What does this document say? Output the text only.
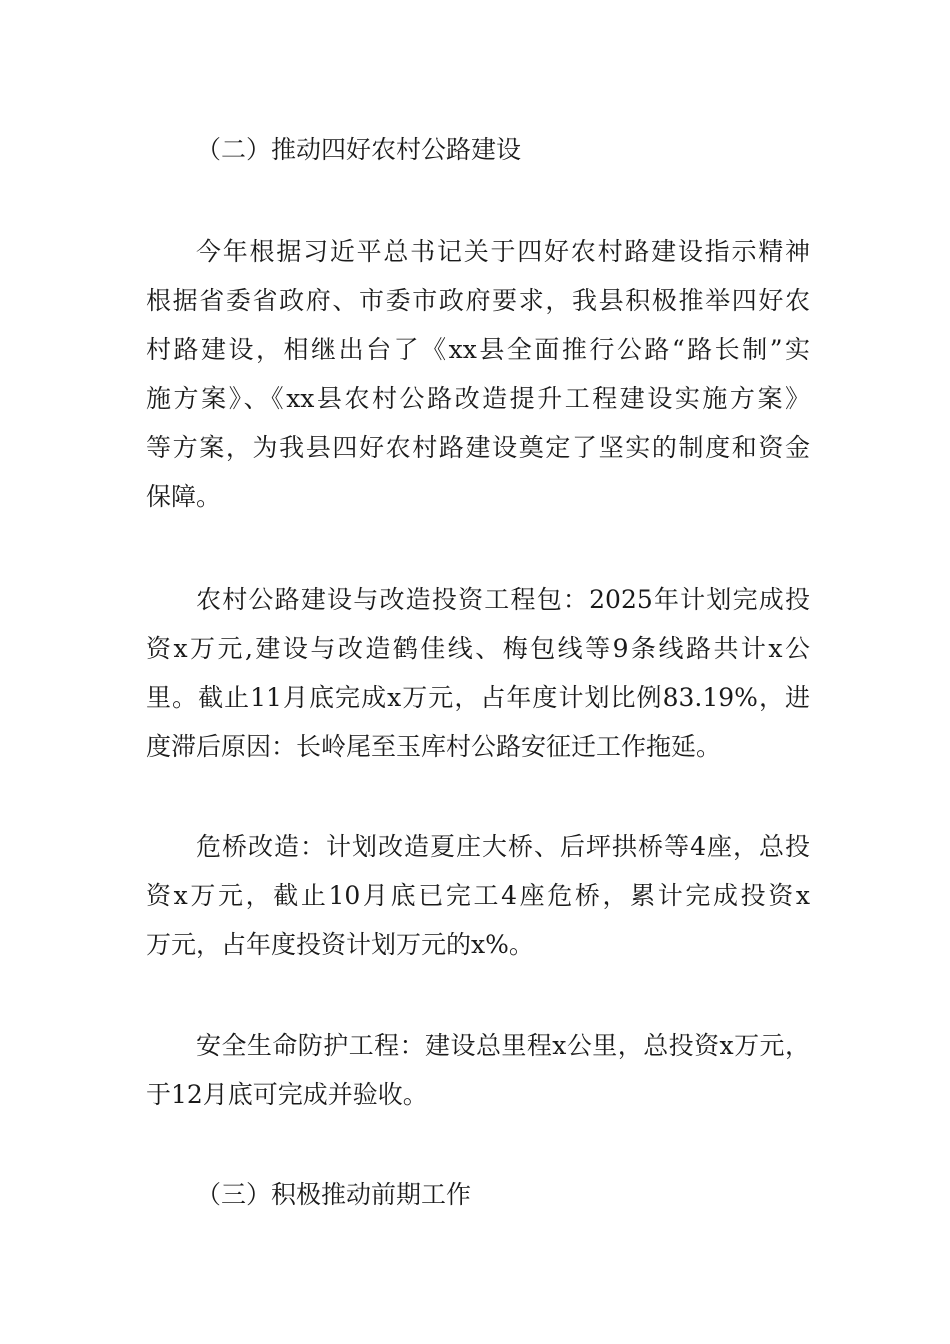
（二）推动四好农村公路建设
今年根据习近平总书记关于四好农村路建设指示精神
根据省委省政府、市委市政府要求，我县积极推举四好农
村路建设，相继出台了《xx县全面推行公路“路长制”实
施方案》、《xx县农村公路改造提升工程建设实施方案》
等方案，为我县四好农村路建设奠定了坚实的制度和资金
保障。
农村公路建设与改造投资工程包：2025年计划完成投
资x万元,建设与改造鹤佳线、梅包线等9条线路共计x公
里。截止11月底完成x万元，占年度计划比例83.19%，进
度滞后原因：长岭尾至玉库村公路安征迁工作拖延。
危桥改造：计划改造夏庄大桥、后坪拱桥等4座，总投
资x万元，截止10月底已完工4座危桥，累计完成投资x
万元，占年度投资计划万元的x%。
安全生命防护工程：建设总里程x公里，总投资x万元，
于12月底可完成并验收。
（三）积极推动前期工作
